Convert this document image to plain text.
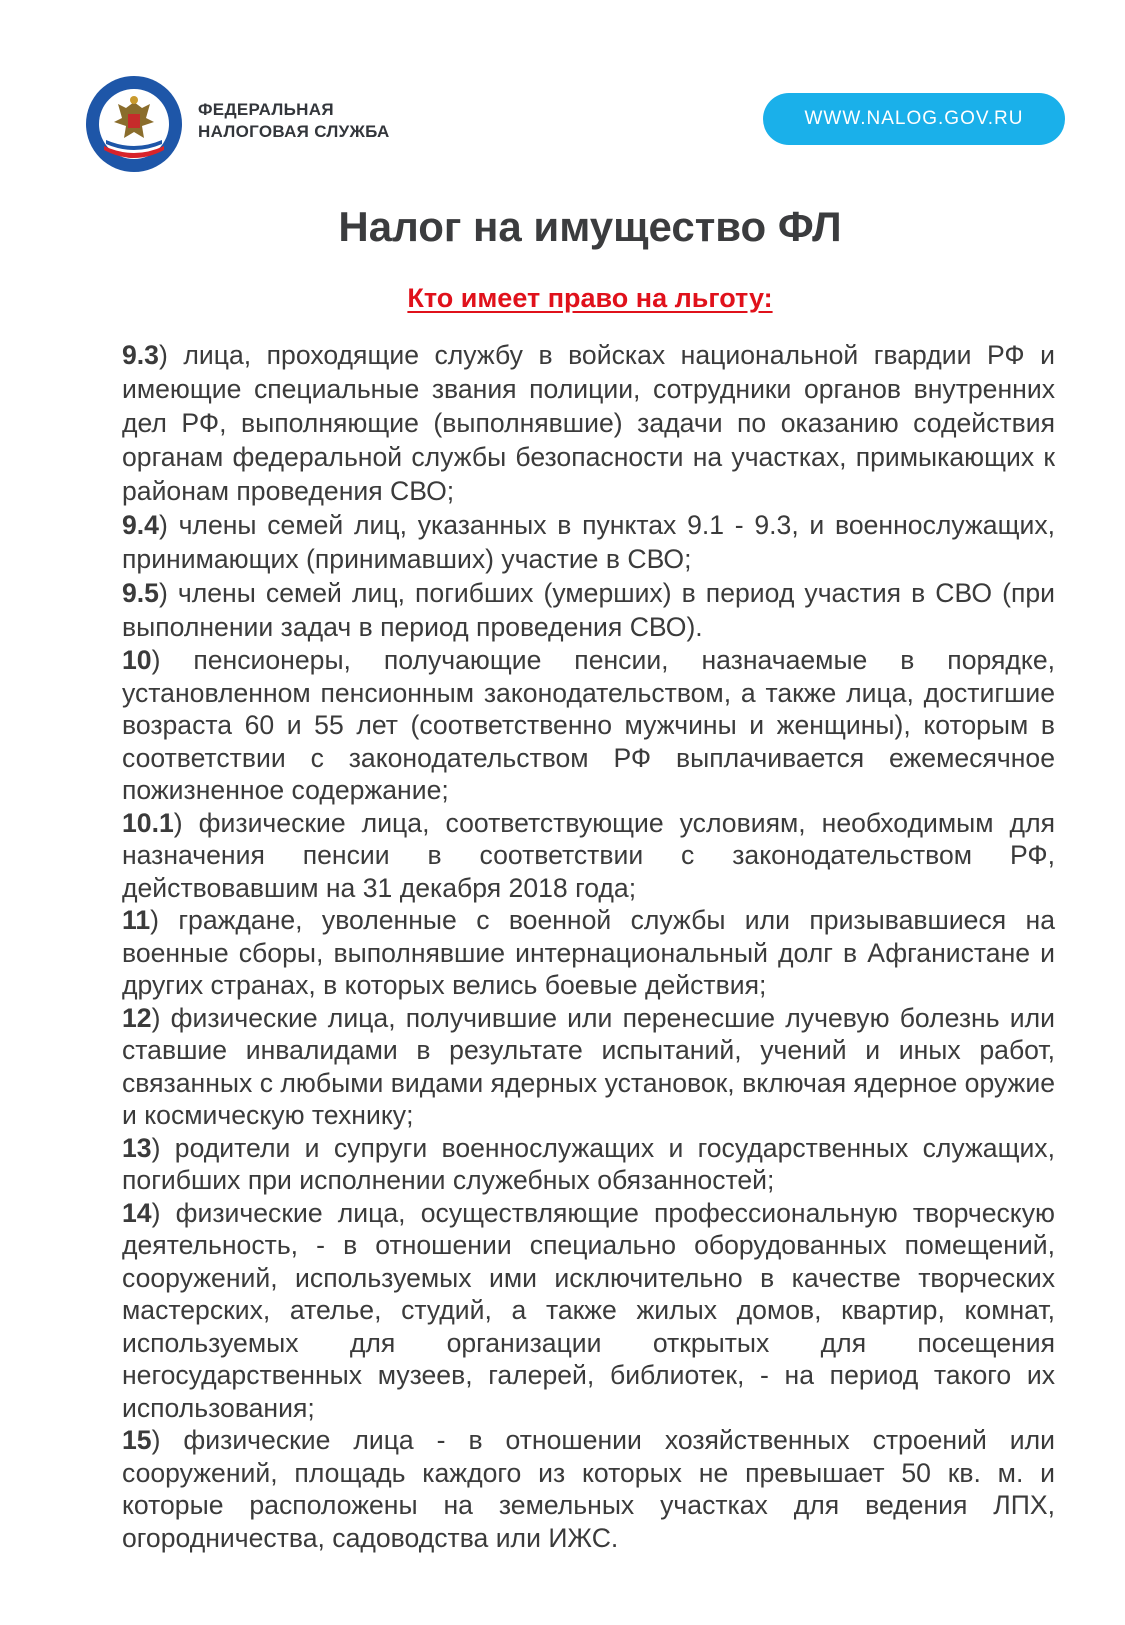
ФЕДЕРАЛЬНАЯ
НАЛОГОВАЯ СЛУЖБА
WWW.NALOG.GOV.RU
Налог на имущество ФЛ
Кто имеет право на льготу:

9.3) лица, проходящие службу в войсках национальной гвардии РФ и имеющие специальные звания полиции, сотрудники органов внутренних дел РФ, выполняющие (выполнявшие) задачи по оказанию содействия органам федеральной службы безопасности на участках, примыкающих к районам проведения СВО;

9.4) члены семей лиц, указанных в пунктах 9.1 - 9.3, и военнослужащих, принимающих (принимавших) участие в СВО;

9.5) члены семей лиц, погибших (умерших) в период участия в СВО (при выполнении задач в период проведения СВО).

10) пенсионеры, получающие пенсии, назначаемые в порядке, установленном пенсионным законодательством, а также лица, достигшие возраста 60 и 55 лет (соответственно мужчины и женщины), которым в соответствии с законодательством РФ выплачивается ежемесячное пожизненное содержание;

10.1) физические лица, соответствующие условиям, необходимым для назначения пенсии в соответствии с законодательством РФ, действовавшим на 31 декабря 2018 года;

11) граждане, уволенные с военной службы или призывавшиеся на военные сборы, выполнявшие интернациональный долг в Афганистане и других странах, в которых велись боевые действия;

12) физические лица, получившие или перенесшие лучевую болезнь или ставшие инвалидами в результате испытаний, учений и иных работ, связанных с любыми видами ядерных установок, включая ядерное оружие и космическую технику;

13) родители и супруги военнослужащих и государственных служащих, погибших при исполнении служебных обязанностей;

14) физические лица, осуществляющие профессиональную творческую деятельность, - в отношении специально оборудованных помещений, сооружений, используемых ими исключительно в качестве творческих мастерских, ателье, студий, а также жилых домов, квартир, комнат, используемых для организации открытых для посещения негосударственных музеев, галерей, библиотек, - на период такого их использования;

15) физические лица - в отношении хозяйственных строений или сооружений, площадь каждого из которых не превышает 50 кв. м. и которые расположены на земельных участках для ведения ЛПХ, огородничества, садоводства или ИЖС.
